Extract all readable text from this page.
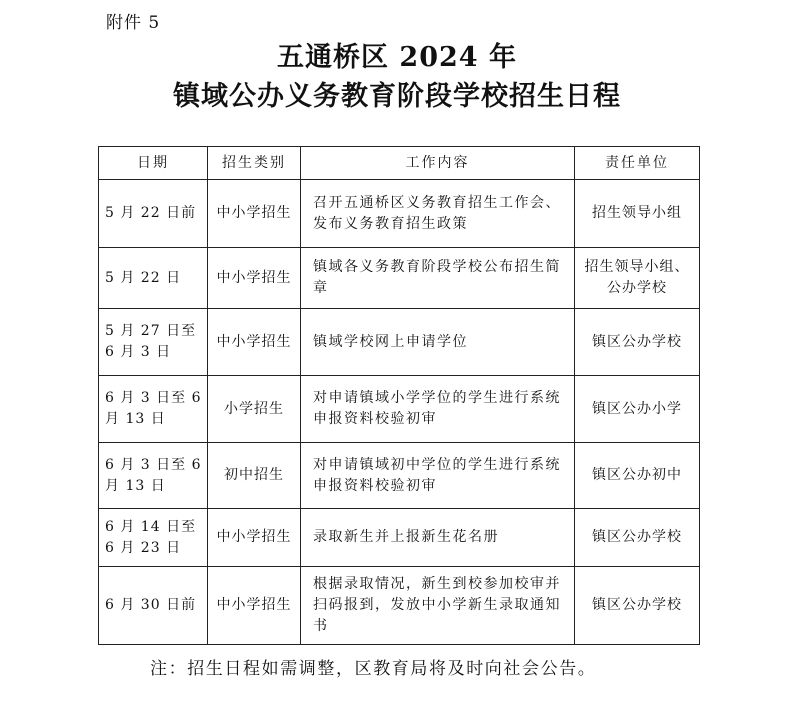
附件 5
五通桥区 2024 年
镇域公办义务教育阶段学校招生日程
日期	招生类别	工作内容	责任单位
5 月 22 日前	中小学招生	召开五通桥区义务教育招生工作会、发布义务教育招生政策	招生领导小组
5 月 22 日	中小学招生	镇域各义务教育阶段学校公布招生简章	招生领导小组、公办学校
5 月 27 日至 6 月 3 日	中小学招生	镇域学校网上申请学位	镇区公办学校
6 月 3 日至 6 月 13 日	小学招生	对申请镇域小学学位的学生进行系统申报资料校验初审	镇区公办小学
6 月 3 日至 6 月 13 日	初中招生	对申请镇域初中学位的学生进行系统申报资料校验初审	镇区公办初中
6 月 14 日至 6 月 23 日	中小学招生	录取新生并上报新生花名册	镇区公办学校
6 月 30 日前	中小学招生	根据录取情况，新生到校参加校审并扫码报到，发放中小学新生录取通知书	镇区公办学校
注：招生日程如需调整，区教育局将及时向社会公告。
